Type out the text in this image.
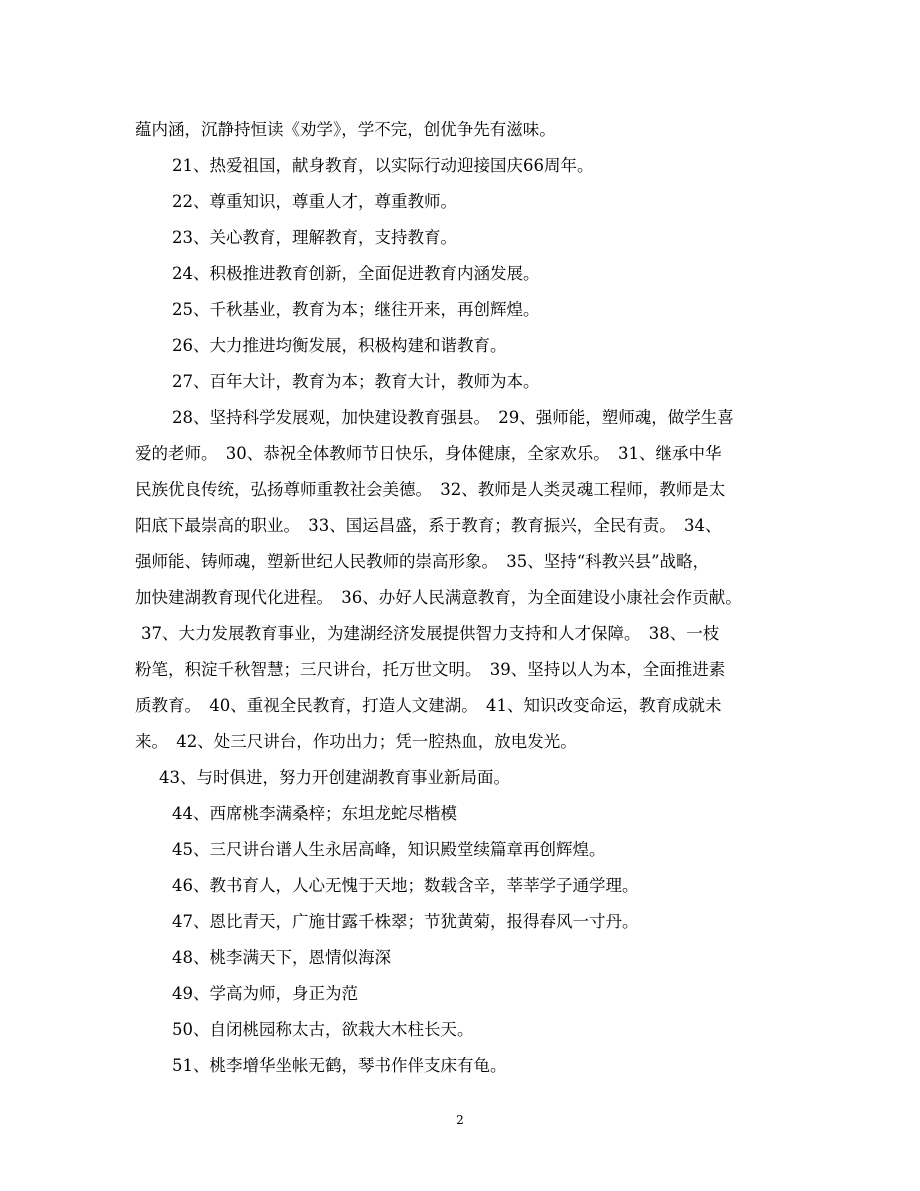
蕴内涵，沉静持恒读《劝学》，学不完，创优争先有滋味。
21、热爱祖国，献身教育，以实际行动迎接国庆66周年。
22、尊重知识，尊重人才，尊重教师。
23、关心教育，理解教育，支持教育。
24、积极推进教育创新，全面促进教育内涵发展。
25、千秋基业，教育为本；继往开来，再创辉煌。
26、大力推进均衡发展，积极构建和谐教育。
27、百年大计，教育为本；教育大计，教师为本。
28、坚持科学发展观，加快建设教育强县。　29、强师能，塑师魂，做学生喜
爱的老师。　30、恭祝全体教师节日快乐，身体健康，全家欢乐。　31、继承中华
民族优良传统，弘扬尊师重教社会美德。　32、教师是人类灵魂工程师，教师是太
阳底下最崇高的职业。　33、国运昌盛，系于教育；教育振兴，全民有责。　34、
强师能、铸师魂，塑新世纪人民教师的崇高形象。　35、坚持“科教兴县”战略，
加快建湖教育现代化进程。　36、办好人民满意教育，为全面建设小康社会作贡献。
37、大力发展教育事业，为建湖经济发展提供智力支持和人才保障。　38、一枝
粉笔，积淀千秋智慧；三尺讲台，托万世文明。　39、坚持以人为本，全面推进素
质教育。　40、重视全民教育，打造人文建湖。　41、知识改变命运，教育成就未
来。　42、处三尺讲台，作功出力；凭一腔热血，放电发光。
43、与时俱进，努力开创建湖教育事业新局面。
44、西席桃李满桑梓；东坦龙蛇尽楷模
45、三尺讲台谱人生永居高峰，知识殿堂续篇章再创辉煌。
46、教书育人，人心无愧于天地；数载含辛，莘莘学子通学理。
47、恩比青天，广施甘露千株翠；节犹黄菊，报得春风一寸丹。
48、桃李满天下，恩情似海深
49、学高为师，身正为范
50、自闭桃园称太古，欲栽大木柱长天。
51、桃李增华坐帐无鹤，琴书作伴支床有龟。
2
